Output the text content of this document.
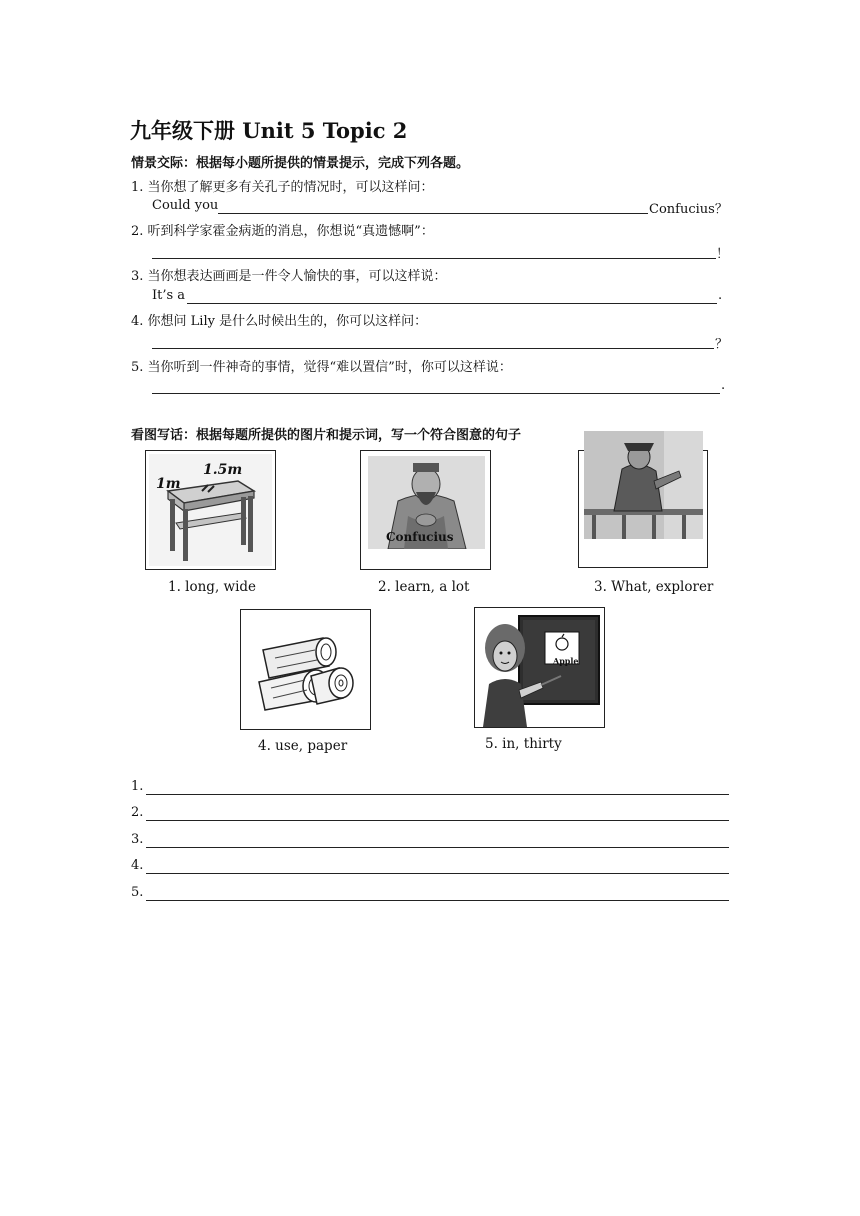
九年级下册 Unit 5 Topic 2
情景交际：根据每小题所提供的情景提示，完成下列各题。
1. 当你想了解更多有关孔子的情况时，可以这样问：
Could you	Confucius？
2. 听到科学家霍金病逝的消息，你想说“真遗憾啊”：
！
3. 当你想表达画画是一件令人愉快的事，可以这样说：
It’s a	.
4. 你想问 Lily 是什么时候出生的，你可以这样问：
？
5. 当你听到一件神奇的事情，觉得“难以置信”时，你可以这样说：
.
看图写话：根据每题所提供的图片和提示词，写一个符合图意的句子
1.5m
1m
1. long, wide
Confucius
2. learn, a lot	3. What, explorer
4. use, paper
Apple
5. in, thirty
1.
2.
3.
4.
5.
